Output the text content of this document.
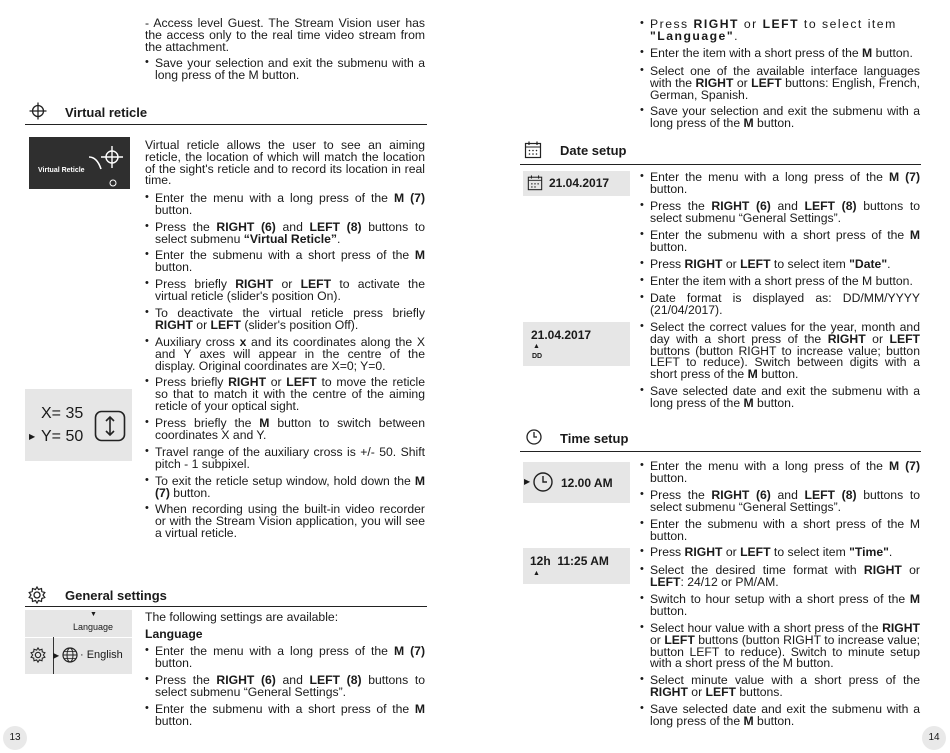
- Access level Guest. The Stream Vision user has the access only to the real time video stream from the attachment.
• Save your selection and exit the submenu with a long press of the M button.
Virtual reticle
Virtual Reticle
Virtual reticle allows the user to see an aiming reticle, the location of which will match the location of the sight's reticle and to record its location in real time.
• Enter the menu with a long press of the M (7) button.
• Press the RIGHT (6) and LEFT (8) buttons to select submenu “Virtual Reticle”.
• Enter the submenu with a short press of the M button.
• Press briefly RIGHT or LEFT to activate the virtual reticle (slider's position On).
• To deactivate the virtual reticle press briefly RIGHT or LEFT (slider's position Off).
• Auxiliary cross x and its coordinates along the X and Y axes will appear in the centre of the display. Original coordinates are X=0; Y=0.
• Press briefly RIGHT or LEFT to move the reticle so that to match it with the centre of the aiming reticle of your optical sight.
• Press briefly the M button to switch between coordinates X and Y.
• Travel range of the auxiliary cross is +/- 50. Shift pitch - 1 subpixel.
• To exit the reticle setup window, hold down the M (7) button.
• When recording using the built-in video recorder or with the Stream Vision application, you will see a virtual reticle.
X= 35
▶ Y= 50
General settings
▼
Language
▶ · English
The following settings are available:
Language
• Enter the menu with a long press of the M (7) button.
• Press the RIGHT (6) and LEFT (8) buttons to select submenu “General Settings”.
• Enter the submenu with a short press of the M button.
13
• Press RIGHT or LEFT to select item "Language".
• Enter the item with a short press of the M button.
• Select one of the available interface languages with the RIGHT or LEFT buttons: English, French, German, Spanish.
• Save your selection and exit the submenu with a long press of the M button.
Date setup
21.04.2017
21.04.2017
▲
DD
• Enter the menu with a long press of the M (7) button.
• Press the RIGHT (6) and LEFT (8) buttons to select submenu “General Settings”.
• Enter the submenu with a short press of the M button.
• Press RIGHT or LEFT to select item "Date".
• Enter the item with a short press of the M button.
• Date format is displayed as: DD/MM/YYYY (21/04/2017).
• Select the correct values for the year, month and day with a short press of the RIGHT or LEFT buttons (button RIGHT to increase value; button LEFT to reduce). Switch between digits with a short press of the M button.
• Save selected date and exit the submenu with a long press of the M button.
Time setup
▶	12.00 AM
12h  11:25 AM
▲
• Enter the menu with a long press of the M (7) button.
• Press the RIGHT (6) and LEFT (8) buttons to select submenu “General Settings”.
• Enter the submenu with a short press of the M button.
• Press RIGHT or LEFT to select item "Time".
• Select the desired time format with RIGHT or LEFT: 24/12 or PM/AM.
• Switch to hour setup with a short press of the M button.
• Select hour value with a short press of the RIGHT or LEFT buttons (button RIGHT to increase value; button LEFT to reduce). Switch to minute setup with a short press of the M button.
• Select minute value with a short press of the RIGHT or LEFT buttons.
• Save selected date and exit the submenu with a long press of the M button.
14
